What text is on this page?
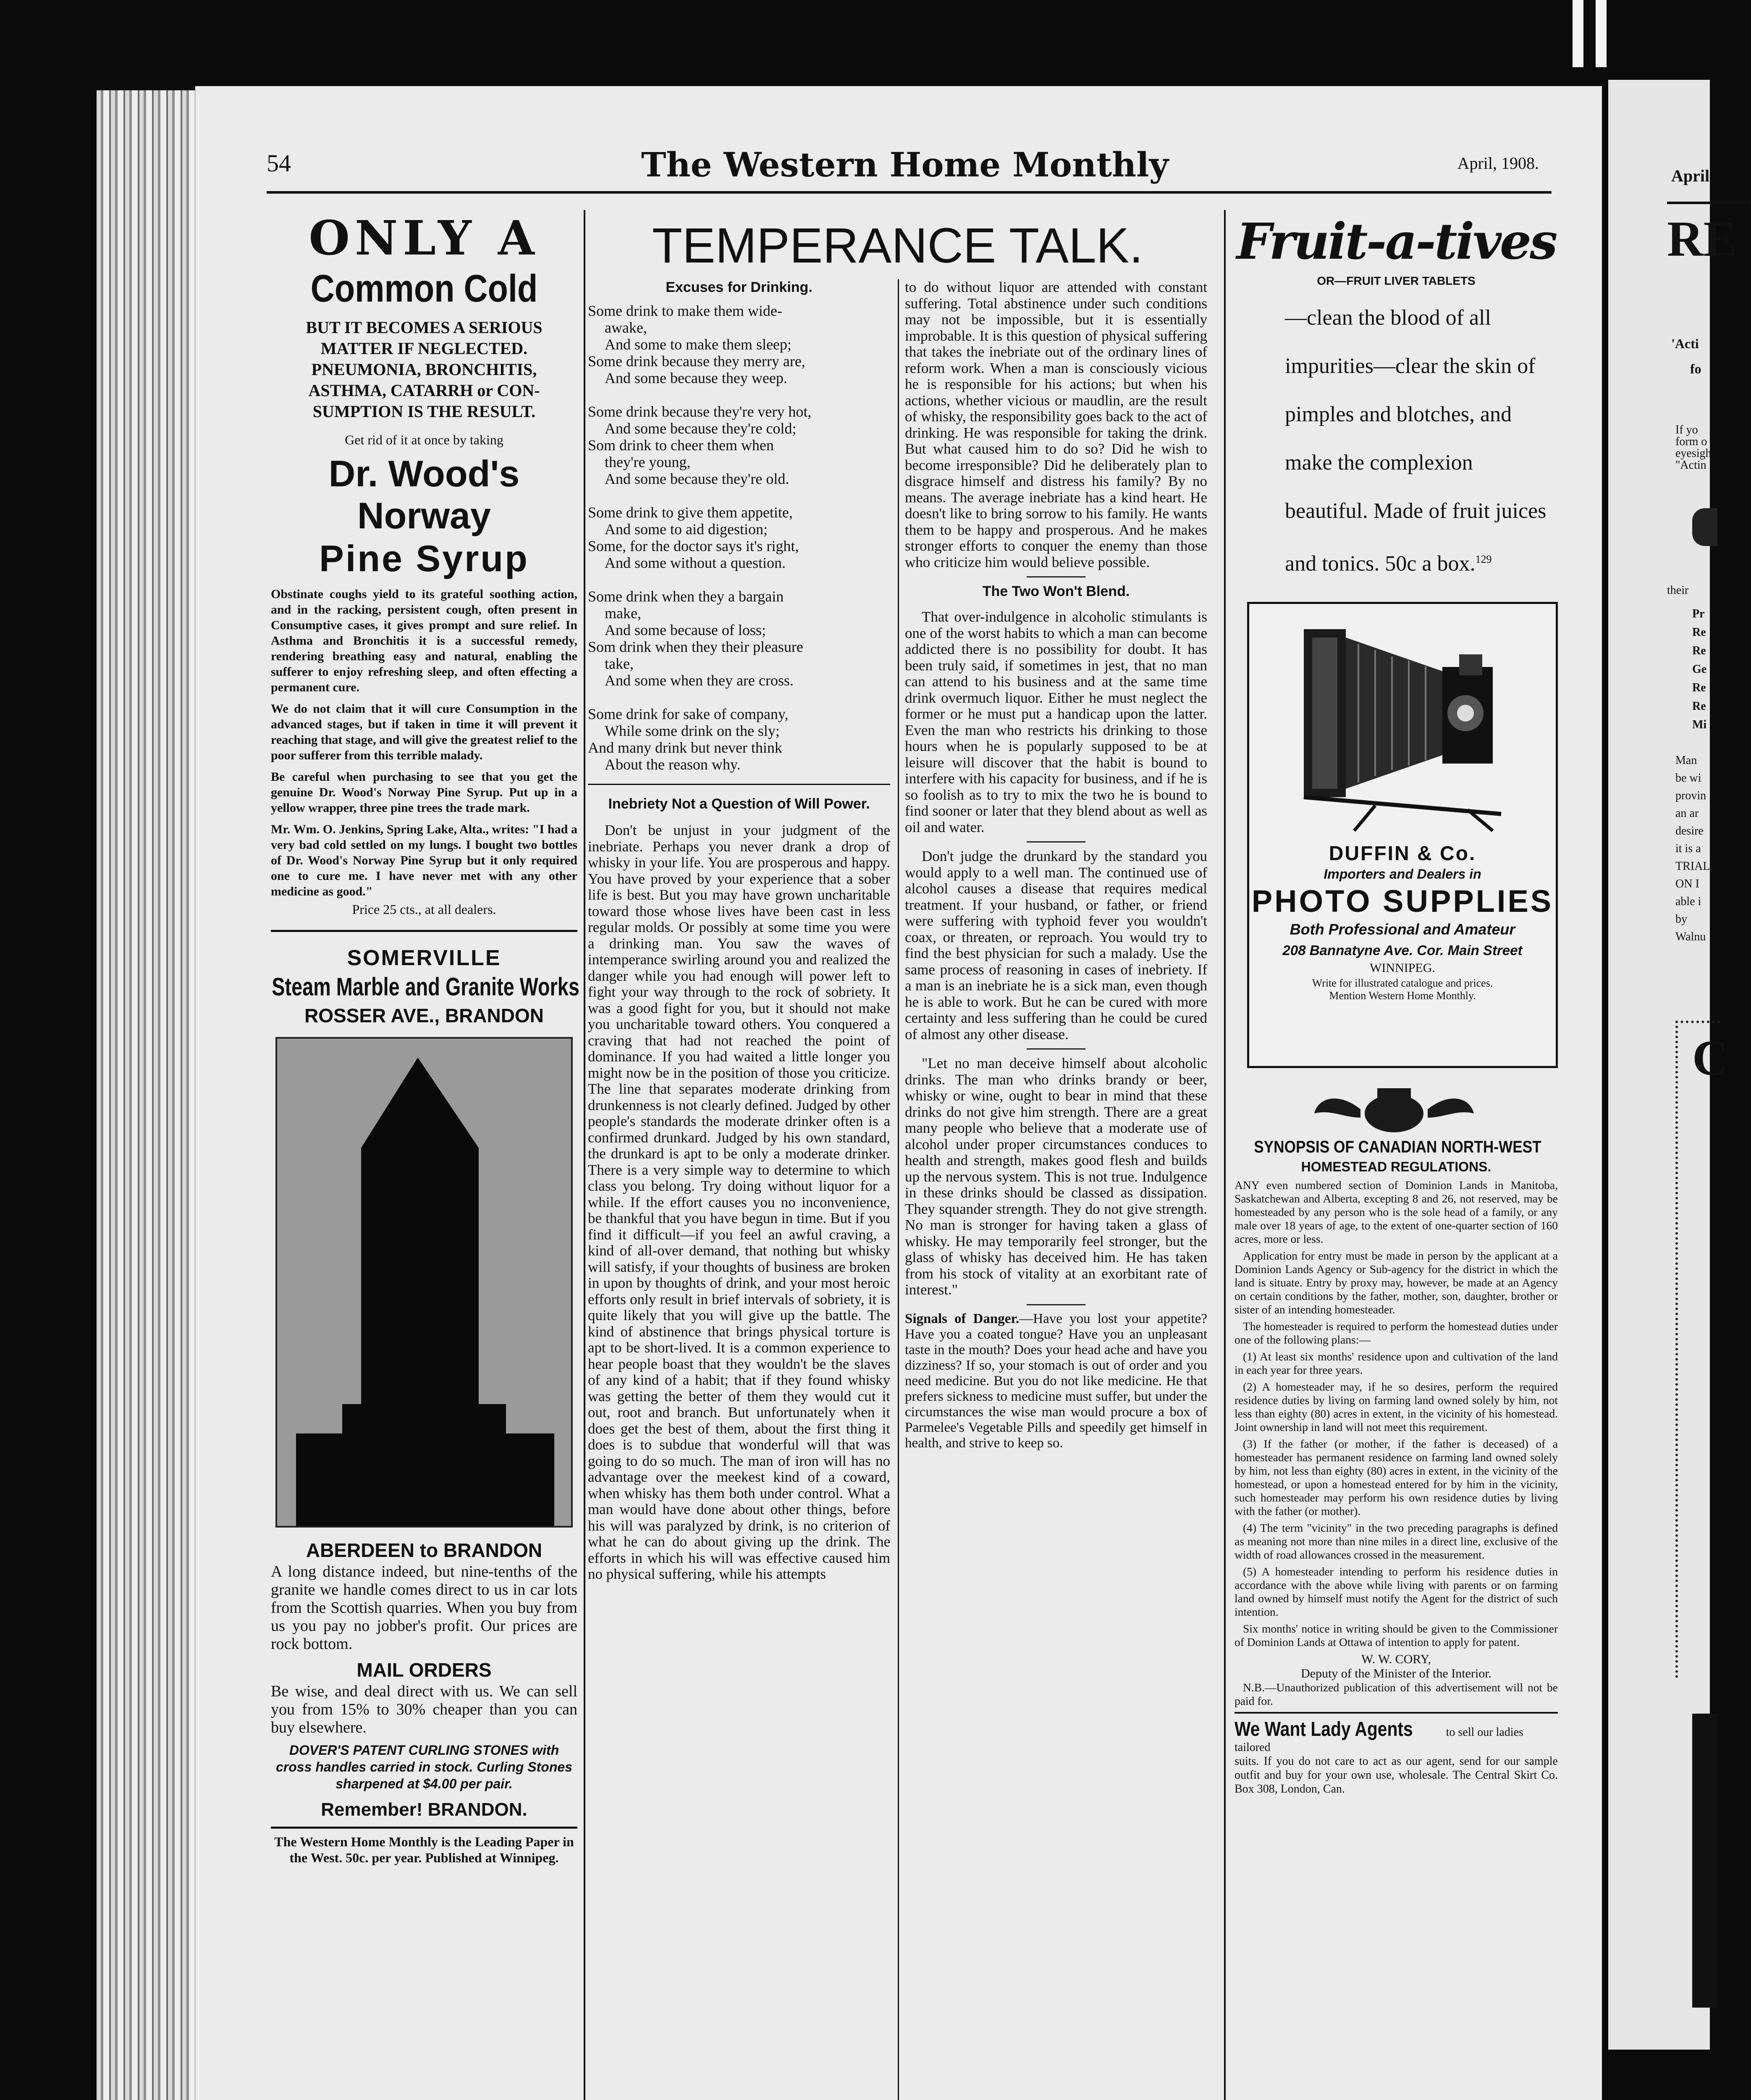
54	The Western Home Monthly	April, 1908.
ONLY A
Common Cold
BUT IT BECOMES A SERIOUS MATTER IF NEGLECTED. PNEUMONIA, BRONCHITIS, ASTHMA, CATARRH or CON- SUMPTION IS THE RESULT.
Get rid of it at once by taking
Dr. Wood's
Norway
Pine Syrup

Obstinate coughs yield to its grateful soothing action, and in the racking, persistent cough, often present in Consumptive cases, it gives prompt and sure relief. In Asthma and Bronchitis it is a successful remedy, rendering breathing easy and natural, enabling the sufferer to enjoy refreshing sleep, and often effecting a permanent cure.

We do not claim that it will cure Consumption in the advanced stages, but if taken in time it will prevent it reaching that stage, and will give the greatest relief to the poor sufferer from this terrible malady.

Be careful when purchasing to see that you get the genuine Dr. Wood's Norway Pine Syrup. Put up in a yellow wrapper, three pine trees the trade mark.

Mr. Wm. O. Jenkins, Spring Lake, Alta., writes: "I had a very bad cold settled on my lungs. I bought two bottles of Dr. Wood's Norway Pine Syrup but it only required one to cure me. I have never met with any other medicine as good."

Price 25 cts., at all dealers.
SOMERVILLE
Steam Marble and Granite Works
ROSSER AVE., BRANDON
ABERDEEN to BRANDON

A long distance indeed, but nine-tenths of the granite we handle comes direct to us in car lots from the Scottish quarries. When you buy from us you pay no jobber's profit. Our prices are rock bottom.

MAIL ORDERS

Be wise, and deal direct with us. We can sell you from 15% to 30% cheaper than you can buy elsewhere.

DOVER'S PATENT CURLING STONES with cross handles carried in stock. Curling Stones sharpened at $4.00 per pair.

Remember! BRANDON.

The Western Home Monthly is the Leading Paper in the West. 50c. per year. Published at Winnipeg.

TEMPERANCE TALK.
Excuses for Drinking.
Some drink to make them wide-
awake,
And some to make them sleep;
Some drink because they merry are,
And some because they weep.
Some drink because they're very hot,
And some because they're cold;
Som drink to cheer them when
they're young,
And some because they're old.
Some drink to give them appetite,
And some to aid digestion;
Some, for the doctor says it's right,
And some without a question.
Some drink when they a bargain
make,
And some because of loss;
Som drink when they their pleasure
take,
And some when they are cross.
Some drink for sake of company,
While some drink on the sly;
And many drink but never think
About the reason why.
Inebriety Not a Question of Will Power.

Don't be unjust in your judgment of the inebriate. Perhaps you never drank a drop of whisky in your life. You are prosperous and happy. You have proved by your experience that a sober life is best. But you may have grown uncharitable toward those whose lives have been cast in less regular molds. Or possibly at some time you were a drinking man. You saw the waves of intemperance swirling around you and realized the danger while you had enough will power left to fight your way through to the rock of sobriety. It was a good fight for you, but it should not make you uncharitable toward others. You conquered a craving that had not reached the point of dominance. If you had waited a little longer you might now be in the position of those you criticize. The line that separates moderate drinking from drunkenness is not clearly defined. Judged by other people's standards the moderate drinker often is a confirmed drunkard. Judged by his own standard, the drunkard is apt to be only a moderate drinker. There is a very simple way to determine to which class you belong. Try doing without liquor for a while. If the effort causes you no inconvenience, be thankful that you have begun in time. But if you find it difficult—if you feel an awful craving, a kind of all-over demand, that nothing but whisky will satisfy, if your thoughts of business are broken in upon by thoughts of drink, and your most heroic efforts only result in brief intervals of sobriety, it is quite likely that you will give up the battle. The kind of abstinence that brings physical torture is apt to be short-lived. It is a common experience to hear people boast that they wouldn't be the slaves of any kind of a habit; that if they found whisky was getting the better of them they would cut it out, root and branch. But unfortunately when it does get the best of them, about the first thing it does is to subdue that wonderful will that was going to do so much. The man of iron will has no advantage over the meekest kind of a coward, when whisky has them both under control. What a man would have done about other things, before his will was paralyzed by drink, is no criterion of what he can do about giving up the drink. The efforts in which his will was effective caused him no physical suffering, while his attempts

to do without liquor are attended with constant suffering. Total abstinence under such conditions may not be impossible, but it is essentially improbable. It is this question of physical suffering that takes the inebriate out of the ordinary lines of reform work. When a man is consciously vicious he is responsible for his actions; but when his actions, whether vicious or maudlin, are the result of whisky, the responsibility goes back to the act of drinking. He was responsible for taking the drink. But what caused him to do so? Did he wish to become irresponsible? Did he deliberately plan to disgrace himself and distress his family? By no means. The average inebriate has a kind heart. He doesn't like to bring sorrow to his family. He wants them to be happy and prosperous. And he makes stronger efforts to conquer the enemy than those who criticize him would believe possible.

The Two Won't Blend.

That over-indulgence in alcoholic stimulants is one of the worst habits to which a man can become addicted there is no possibility for doubt. It has been truly said, if sometimes in jest, that no man can attend to his business and at the same time drink overmuch liquor. Either he must neglect the former or he must put a handicap upon the latter. Even the man who restricts his drinking to those hours when he is popularly supposed to be at leisure will discover that the habit is bound to interfere with his capacity for business, and if he is so foolish as to try to mix the two he is bound to find sooner or later that they blend about as well as oil and water.

Don't judge the drunkard by the standard you would apply to a well man. The continued use of alcohol causes a disease that requires medical treatment. If your husband, or father, or friend were suffering with typhoid fever you wouldn't coax, or threaten, or reproach. You would try to find the best physician for such a malady. Use the same process of reasoning in cases of inebriety. If a man is an inebriate he is a sick man, even though he is able to work. But he can be cured with more certainty and less suffering than he could be cured of almost any other disease.

"Let no man deceive himself about alcoholic drinks. The man who drinks brandy or beer, whisky or wine, ought to bear in mind that these drinks do not give him strength. There are a great many people who believe that a moderate use of alcohol under proper circumstances conduces to health and strength, makes good flesh and builds up the nervous system. This is not true. Indulgence in these drinks should be classed as dissipation. They squander strength. They do not give strength. No man is stronger for having taken a glass of whisky. He may temporarily feel stronger, but the glass of whisky has deceived him. He has taken from his stock of vitality at an exorbitant rate of interest."

Signals of Danger.—Have you lost your appetite? Have you a coated tongue? Have you an unpleasant taste in the mouth? Does your head ache and have you dizziness? If so, your stomach is out of order and you need medicine. But you do not like medicine. He that prefers sickness to medicine must suffer, but under the circumstances the wise man would procure a box of Parmelee's Vegetable Pills and speedily get himself in health, and strive to keep so.

Fruit-a-tives
OR—FRUIT LIVER TABLETS

—clean the blood of all impurities—clear the skin of pimples and blotches, and make the complexion beautiful. Made of fruit juices and tonics. 50c a box.$^{129}$

DUFFIN & Co.
Importers and Dealers in
PHOTO SUPPLIES
Both Professional and Amateur
208 Bannatyne Ave. Cor. Main Street
WINNIPEG.
Write for illustrated catalogue and prices.
Mention Western Home Monthly.
SYNOPSIS OF CANADIAN NORTH-WEST
HOMESTEAD REGULATIONS.

ANY even numbered section of Dominion Lands in Manitoba, Saskatchewan and Alberta, excepting 8 and 26, not reserved, may be homesteaded by any person who is the sole head of a family, or any male over 18 years of age, to the extent of one-quarter section of 160 acres, more or less.

Application for entry must be made in person by the applicant at a Dominion Lands Agency or Sub-agency for the district in which the land is situate. Entry by proxy may, however, be made at an Agency on certain conditions by the father, mother, son, daughter, brother or sister of an intending homesteader.

The homesteader is required to perform the homestead duties under one of the following plans:—

(1) At least six months' residence upon and cultivation of the land in each year for three years.

(2) A homesteader may, if he so desires, perform the required residence duties by living on farming land owned solely by him, not less than eighty (80) acres in extent, in the vicinity of his homestead. Joint ownership in land will not meet this requirement.

(3) If the father (or mother, if the father is deceased) of a homesteader has permanent residence on farming land owned solely by him, not less than eighty (80) acres in extent, in the vicinity of the homestead, or upon a homestead entered for by him in the vicinity, such homesteader may perform his own residence duties by living with the father (or mother).

(4) The term "vicinity" in the two preceding paragraphs is defined as meaning not more than nine miles in a direct line, exclusive of the width of road allowances crossed in the measurement.

(5) A homesteader intending to perform his residence duties in accordance with the above while living with parents or on farming land owned by himself must notify the Agent for the district of such intention.

Six months' notice in writing should be given to the Commissioner of Dominion Lands at Ottawa of intention to apply for patent.

W. W. CORY,
Deputy of the Minister of the Interior.

N.B.—Unauthorized publication of this advertisement will not be paid for.

We Want Lady Agents	to sell our ladies tailored

suits. If you do not care to act as our agent, send for our sample outfit and buy for your own use, wholesale. The Central Skirt Co. Box 308, London, Can.

April
RE
'Acti
fo
If yo
form o
eyesigh
"Actin
their
Pr
Re
Re
Ge
Re
Re
Mi
Man
be wi
provin
an ar
desire
it is a
TRIAL
ON I
able i
by
Walnu
C
